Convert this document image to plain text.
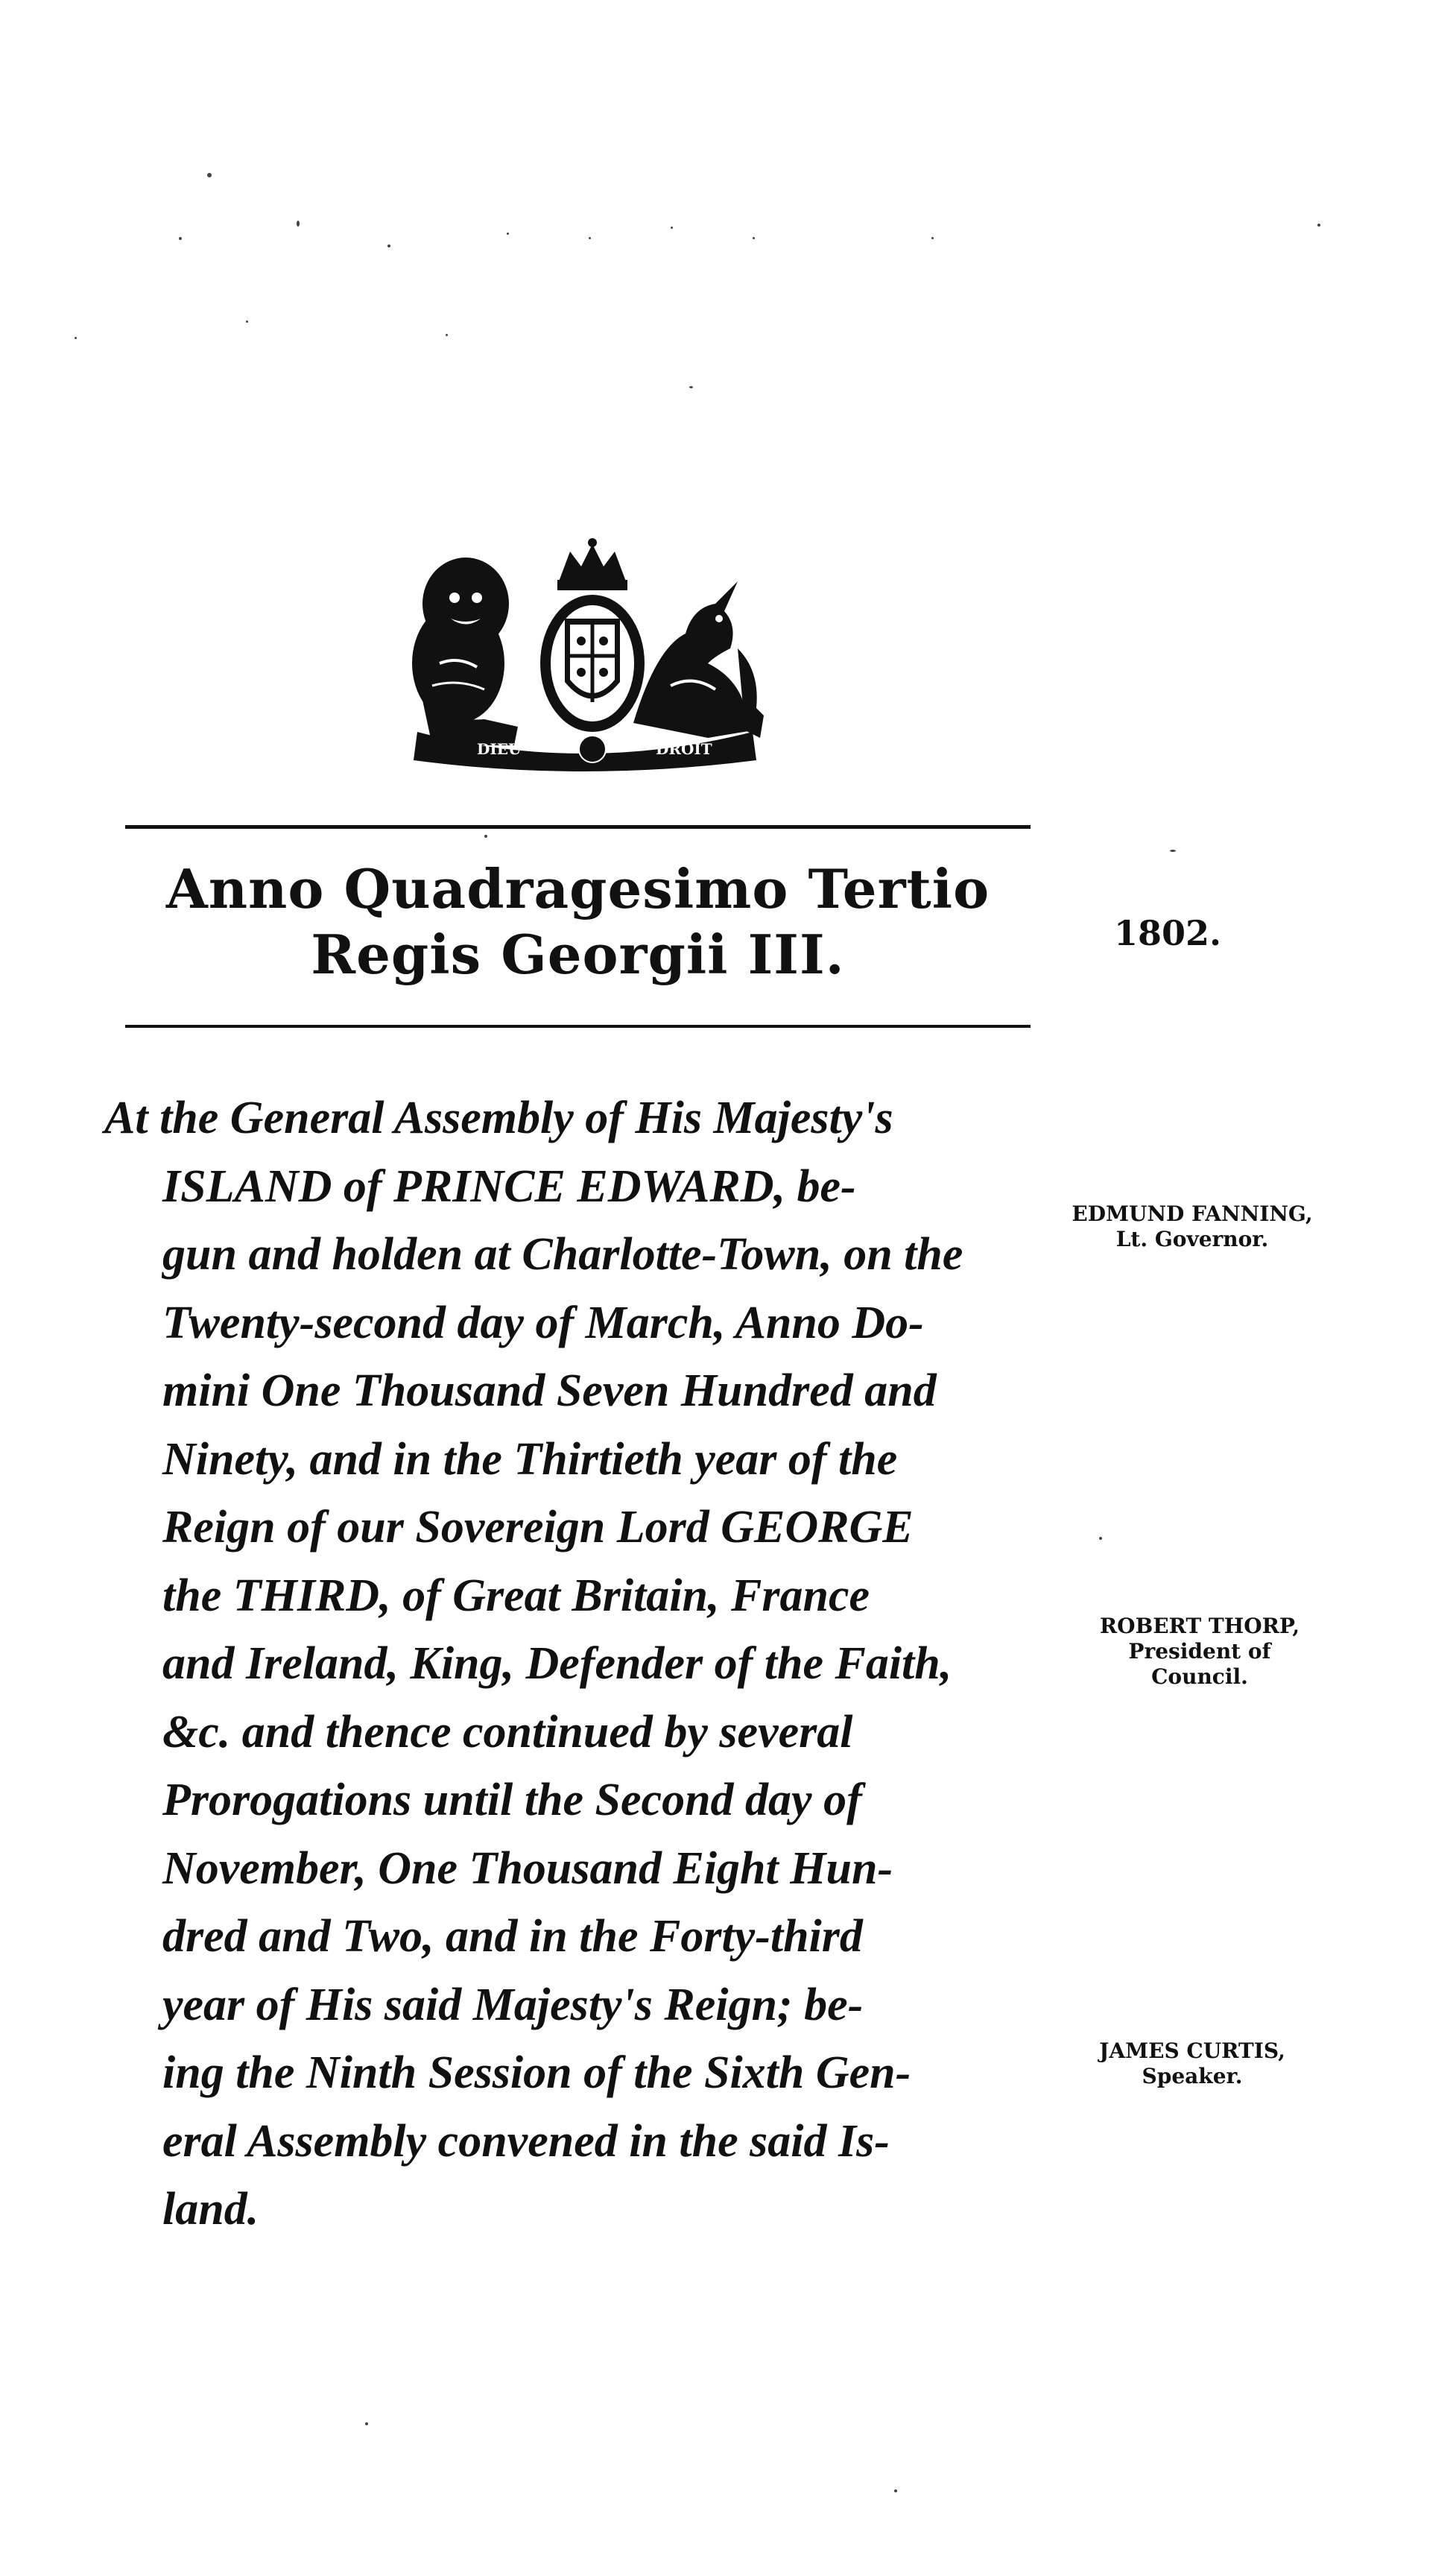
DIEU	DROIT
Anno Quadragesimo Tertio
Regis Georgii III.	1802.
At the General Assembly of His Majesty's
ISLAND of PRINCE EDWARD, be-
gun and holden at Charlotte-Town, on the
Twenty-second day of March, Anno Do-
mini One Thousand Seven Hundred and
Ninety, and in the Thirtieth year of the
Reign of our Sovereign Lord GEORGE
the THIRD, of Great Britain, France
and Ireland, King, Defender of the Faith,
&c. and thence continued by several
Prorogations until the Second day of
November, One Thousand Eight Hun-
dred and Two, and in the Forty-third
year of His said Majesty's Reign; be-
ing the Ninth Session of the Sixth Gen-
eral Assembly convened in the said Is-
land.
EDMUND FANNING,
Lt. Governor.
ROBERT THORP,
President of
Council.
JAMES CURTIS,
Speaker.
